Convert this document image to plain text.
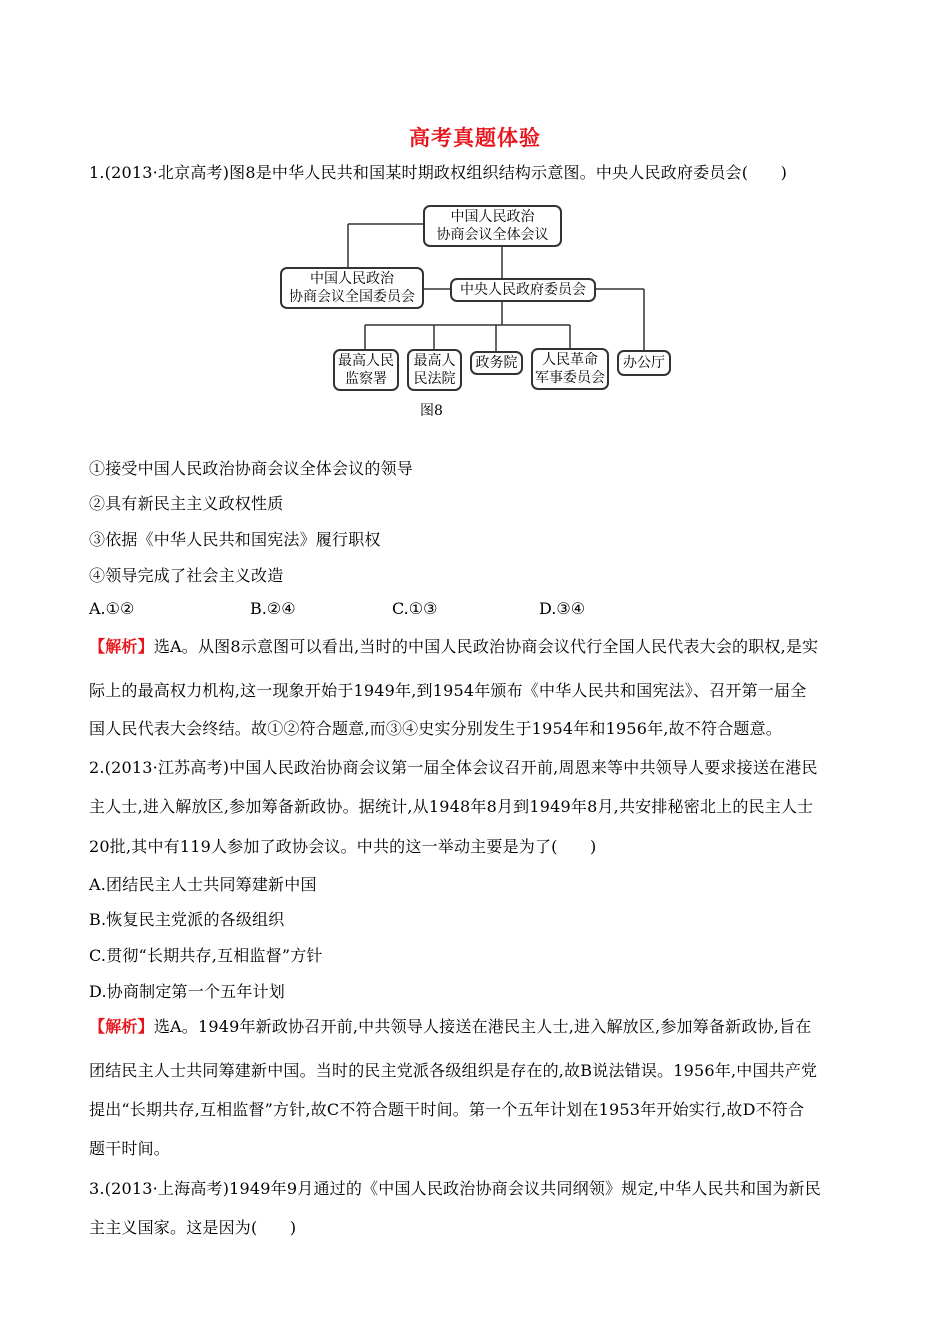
高考真题体验
1.(2013·北京高考)图8是中华人民共和国某时期政权组织结构示意图。中央人民政府委员会(　　)
中国人民政治
协商会议全体会议
中国人民政治
协商会议全国委员会	中央人民政府委员会
最高人民
监察署
最高人
民法院
政务院	人民革命
军事委员会
办公厅
图8
①接受中国人民政治协商会议全体会议的领导
②具有新民主主义政权性质
③依据《中华人民共和国宪法》履行职权
④领导完成了社会主义改造
A.①②	B.②④	C.①③	D.③④
【解析】选A。从图8示意图可以看出,当时的中国人民政治协商会议代行全国人民代表大会的职权,是实
际上的最高权力机构,这一现象开始于1949年,到1954年颁布《中华人民共和国宪法》、召开第一届全
国人民代表大会终结。故①②符合题意,而③④史实分别发生于1954年和1956年,故不符合题意。
2.(2013·江苏高考)中国人民政治协商会议第一届全体会议召开前,周恩来等中共领导人要求接送在港民
主人士,进入解放区,参加筹备新政协。据统计,从1948年8月到1949年8月,共安排秘密北上的民主人士
20批,其中有119人参加了政协会议。中共的这一举动主要是为了(　　)
A.团结民主人士共同筹建新中国
B.恢复民主党派的各级组织
C.贯彻“长期共存,互相监督”方针
D.协商制定第一个五年计划
【解析】选A。1949年新政协召开前,中共领导人接送在港民主人士,进入解放区,参加筹备新政协,旨在
团结民主人士共同筹建新中国。当时的民主党派各级组织是存在的,故B说法错误。1956年,中国共产党
提出“长期共存,互相监督”方针,故C不符合题干时间。第一个五年计划在1953年开始实行,故D不符合
题干时间。
3.(2013·上海高考)1949年9月通过的《中国人民政治协商会议共同纲领》规定,中华人民共和国为新民
主主义国家。这是因为(　　)
